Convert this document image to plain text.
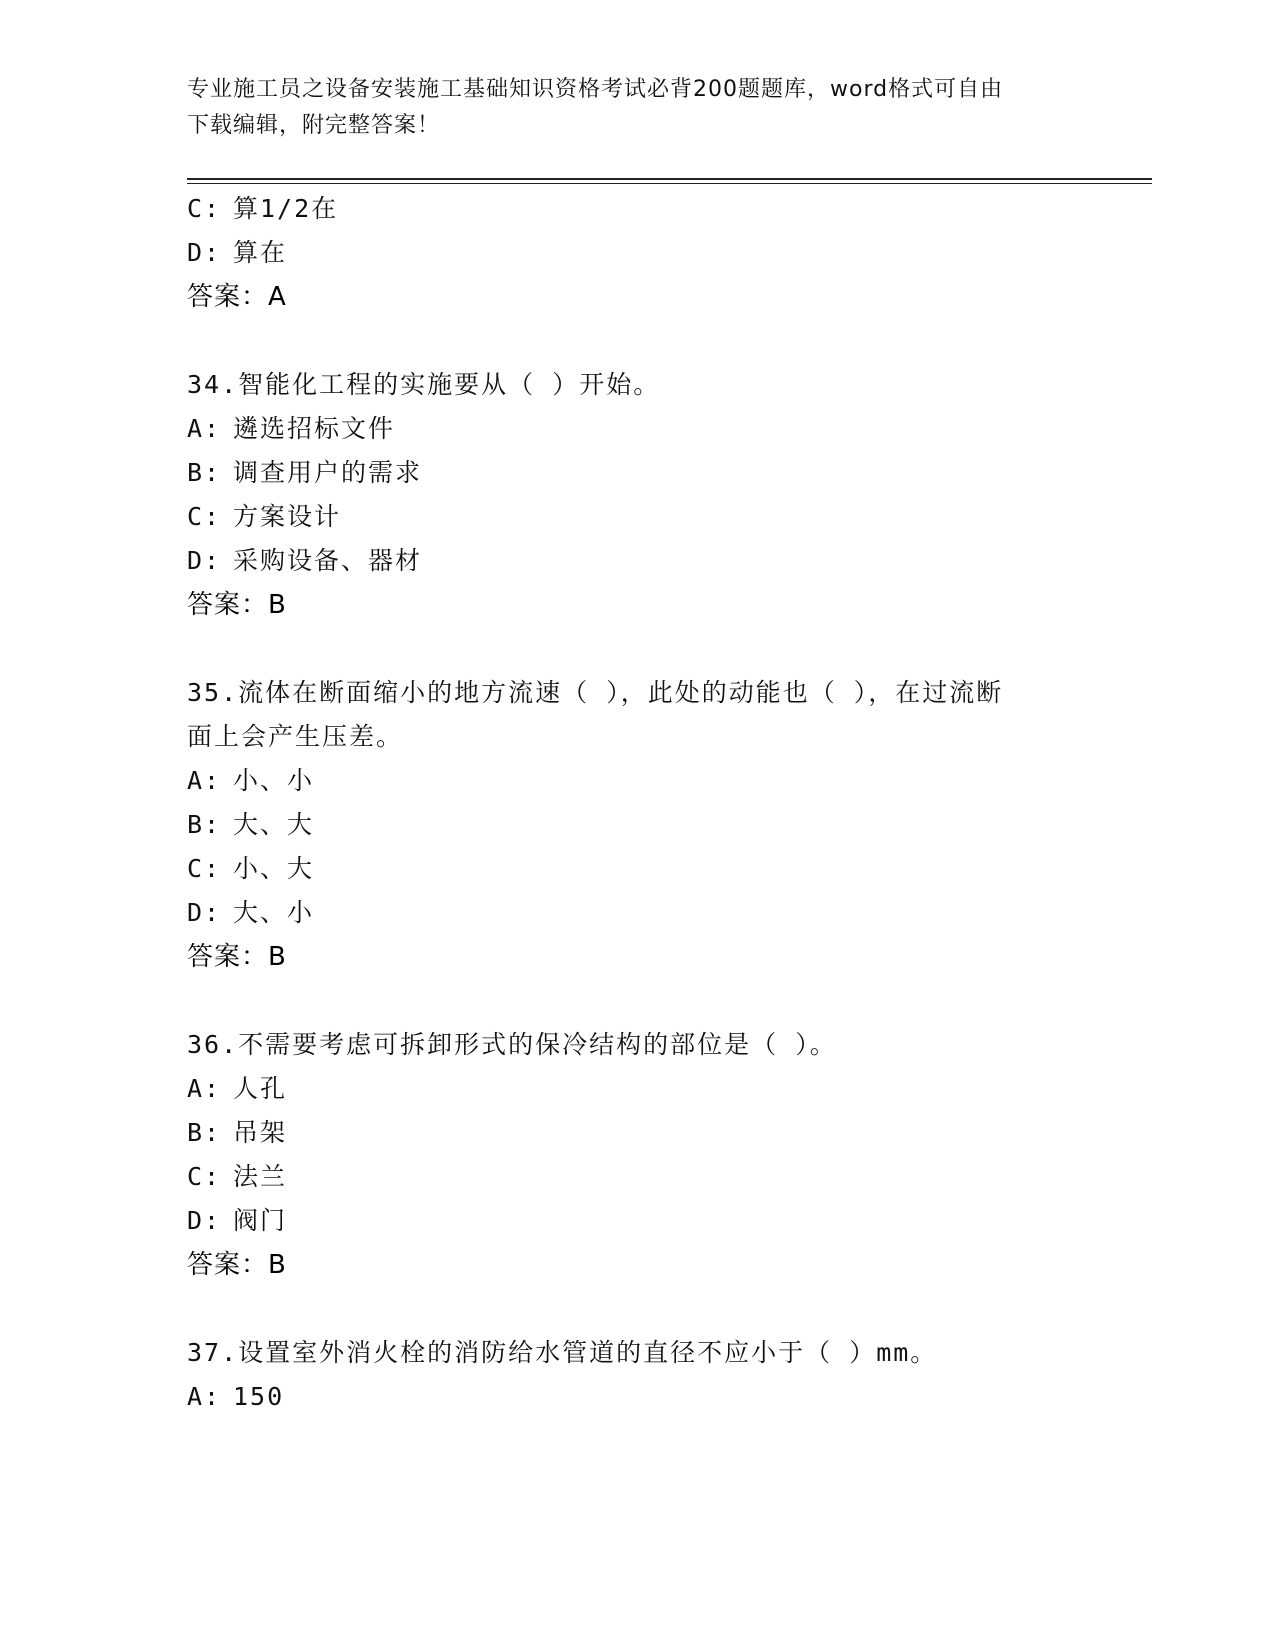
专业施工员之设备安装施工基础知识资格考试必背200题题库，word格式可自由
下载编辑，附完整答案！
C: 算1/2在
D: 算在
答案：A
34.智能化工程的实施要从（ ）开始。
A: 遴选招标文件
B: 调查用户的需求
C: 方案设计
D: 采购设备、器材
答案：B
35.流体在断面缩小的地方流速（ ），此处的动能也（ ），在过流断
面上会产生压差。
A: 小、小
B: 大、大
C: 小、大
D: 大、小
答案：B
36.不需要考虑可拆卸形式的保冷结构的部位是（ ）。
A: 人孔
B: 吊架
C: 法兰
D: 阀门
答案：B
37.设置室外消火栓的消防给水管道的直径不应小于（ ）mm。
A: 150
